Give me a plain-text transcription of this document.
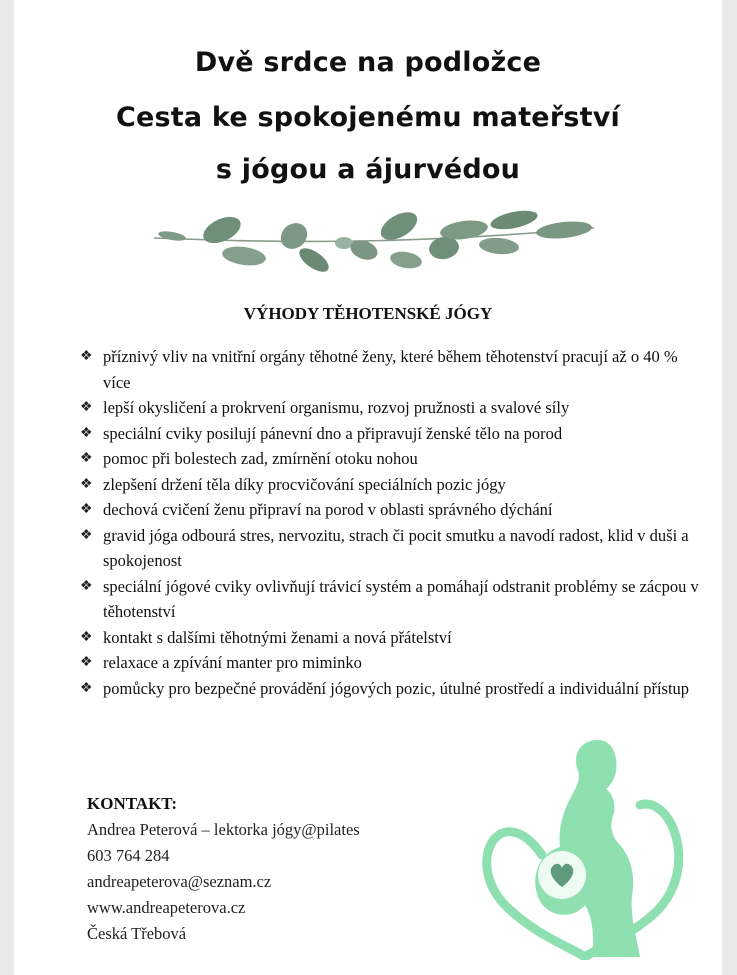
Dvě srdce na podložce
Cesta ke spokojenému mateřství
s jógou a ájurvédou
VÝHODY TĚHOTENSKÉ JÓGY
❖ příznivý vliv na vnitřní orgány těhotné ženy, které během těhotenství pracují až o 40 % více
❖ lepší okysličení a prokrvení organismu, rozvoj pružnosti a svalové síly
❖ speciální cviky posilují pánevní dno a připravují ženské tělo na porod
❖ pomoc při bolestech zad, zmírnění otoku nohou
❖ zlepšení držení těla díky procvičování speciálních pozic jógy
❖ dechová cvičení ženu připraví na porod v oblasti správného dýchání
❖ gravid jóga odbourá stres, nervozitu, strach či pocit smutku a navodí radost, klid v duši a spokojenost
❖ speciální jógové cviky ovlivňují trávicí systém a pomáhají odstranit problémy se zácpou v těhotenství
❖ kontakt s dalšími těhotnými ženami a nová přátelství
❖ relaxace a zpívání manter pro miminko
❖ pomůcky pro bezpečné provádění jógových pozic, útulné prostředí a individuální přístup
KONTAKT:
Andrea Peterová – lektorka jógy@pilates
603 764 284
andreapeterova@seznam.cz
www.andreapeterova.cz
Česká Třebová
